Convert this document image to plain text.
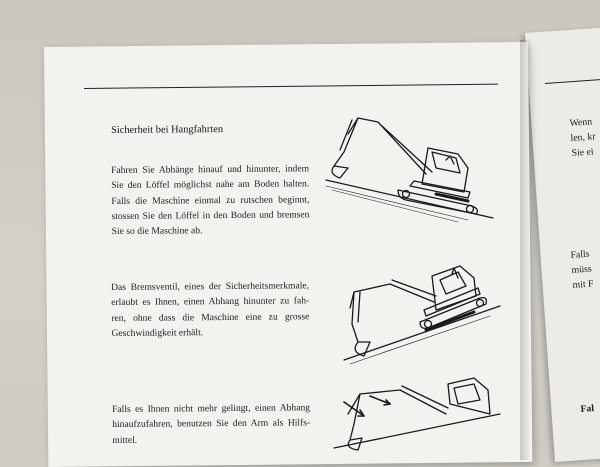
Sicherheit bei Hangfahrten
Fahren Sie Abhänge hinauf und hinunter, indem
Sie den Löffel möglichst nahe am Boden halten.
Falls die Maschine einmal zu rutschen beginnt,
stossen Sie den Löffel in den Boden und bremsen
Sie so die Maschine ab.
Das Bremsventil, eines der Sicherheitsmerkmale,
erlaubt es Ihnen, einen Abhang hinunter zu fah-
ren, ohne dass die Maschine eine zu grosse
Geschwindigkeit erhält.
Falls es Ihnen nicht mehr gelingt, einen Abhang
hinaufzufahren, benutzen Sie den Arm als Hilfs-
mittel.
Wenn
len, kr
Sie ei
Falls
müss
mit F
Fal
